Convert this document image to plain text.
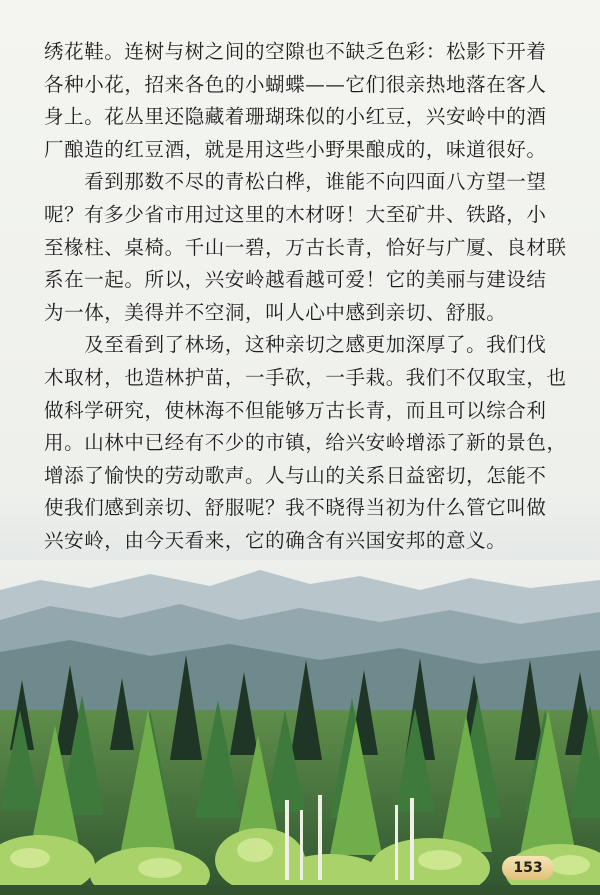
绣花鞋。连树与树之间的空隙也不缺乏色彩：松影下开着
各种小花，招来各色的小蝴蝶——它们很亲热地落在客人
身上。花丛里还隐藏着珊瑚珠似的小红豆，兴安岭中的酒
厂酿造的红豆酒，就是用这些小野果酿成的，味道很好。
　　看到那数不尽的青松白桦，谁能不向四面八方望一望
呢？有多少省市用过这里的木材呀！大至矿井、铁路，小
至椽柱、桌椅。千山一碧，万古长青，恰好与广厦、良材联
系在一起。所以，兴安岭越看越可爱！它的美丽与建设结
为一体，美得并不空洞，叫人心中感到亲切、舒服。
　　及至看到了林场，这种亲切之感更加深厚了。我们伐
木取材，也造林护苗，一手砍，一手栽。我们不仅取宝，也
做科学研究，使林海不但能够万古长青，而且可以综合利
用。山林中已经有不少的市镇，给兴安岭增添了新的景色，
增添了愉快的劳动歌声。人与山的关系日益密切，怎能不
使我们感到亲切、舒服呢？我不晓得当初为什么管它叫做
兴安岭，由今天看来，它的确含有兴国安邦的意义。
153
